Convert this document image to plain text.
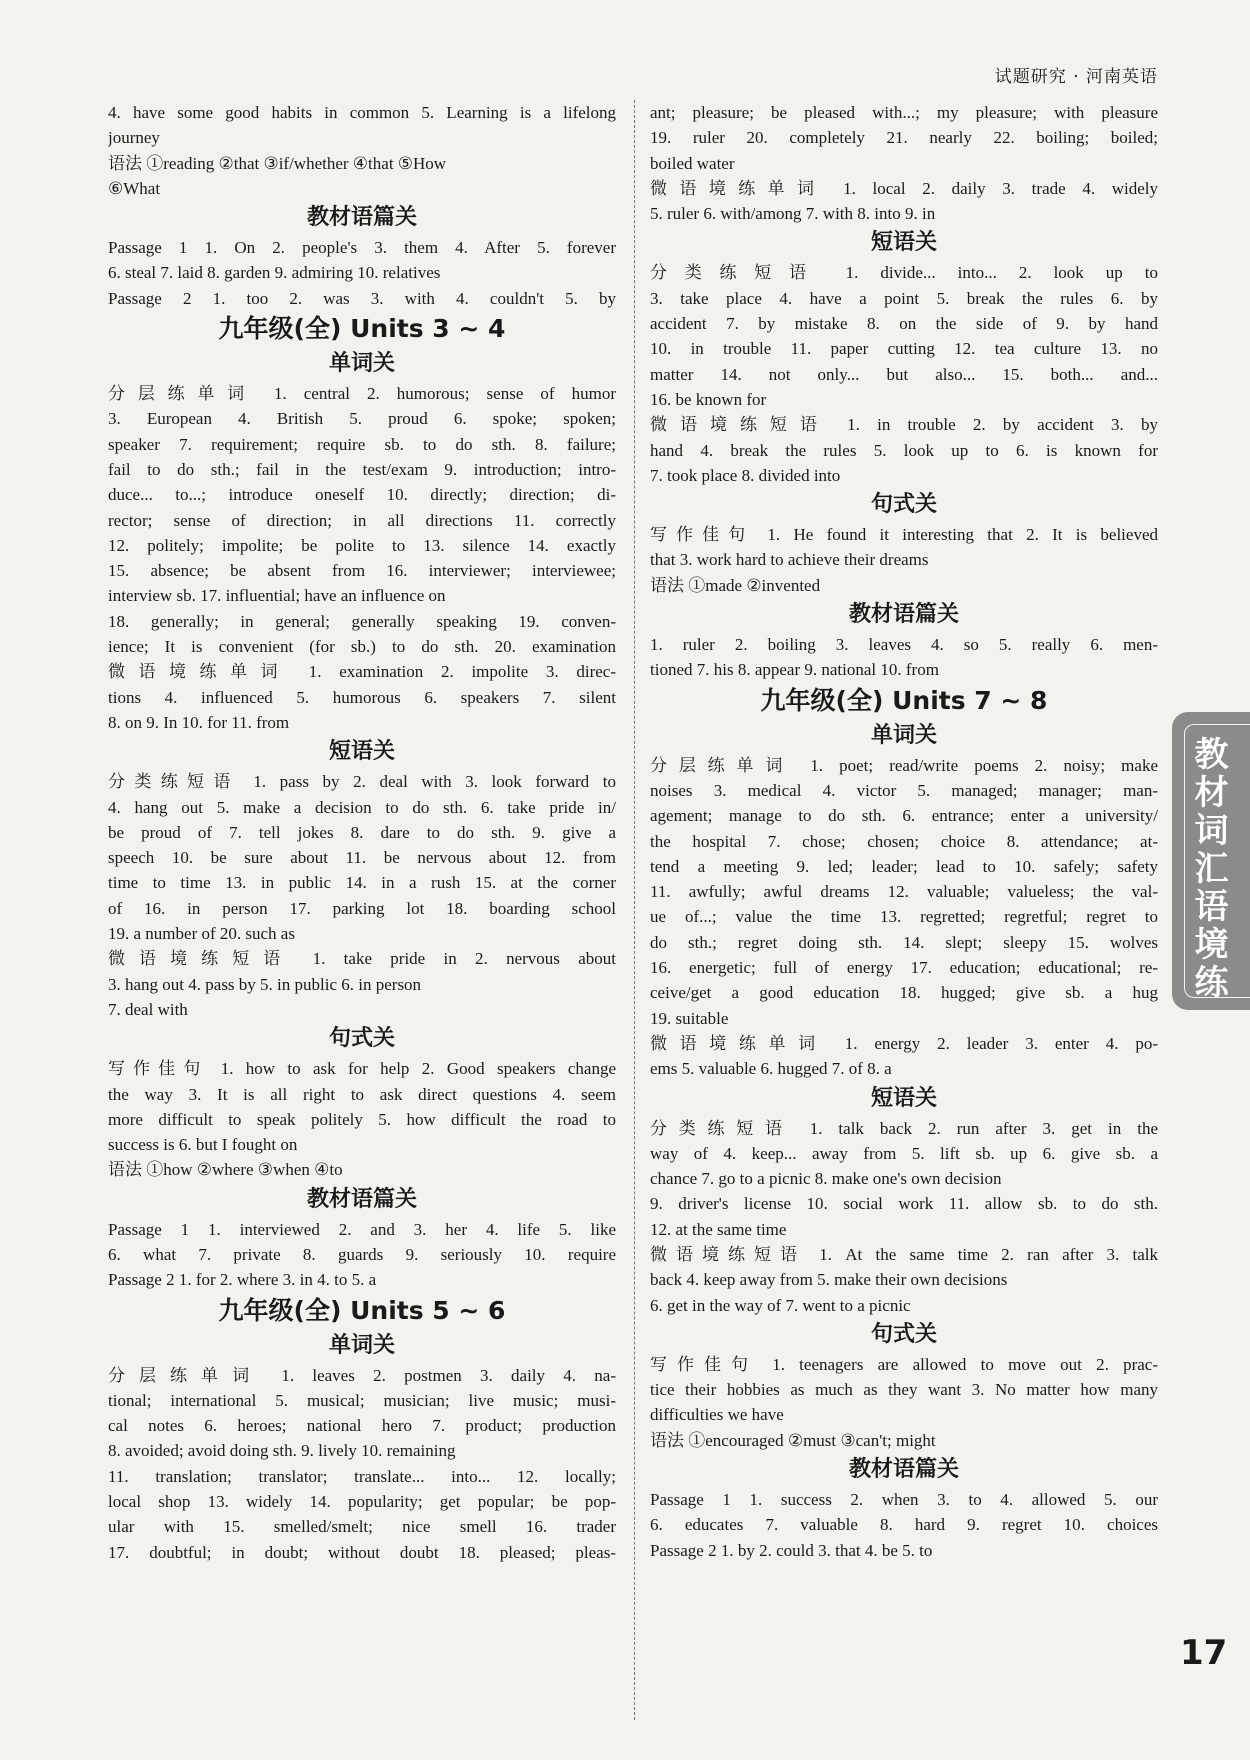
试题研究 · 河南英语
4. have some good habits in common 5. Learning is a lifelong
journey
语法 ①reading ②that ③if/whether ④that ⑤How
⑥What
教材语篇关
Passage 1 1. On 2. people's 3. them 4. After 5. forever
6. steal 7. laid 8. garden 9. admiring 10. relatives
Passage 2 1. too 2. was 3. with 4. couldn't 5. by
九年级(全) Units 3 ~ 4
单词关
分层练单词 1. central 2. humorous; sense of humor
3. European 4. British 5. proud 6. spoke; spoken;
speaker 7. requirement; require sb. to do sth. 8. failure;
fail to do sth.; fail in the test/exam 9. introduction; intro-
duce... to...; introduce oneself 10. directly; direction; di-
rector; sense of direction; in all directions 11. correctly
12. politely; impolite; be polite to 13. silence 14. exactly
15. absence; be absent from 16. interviewer; interviewee;
interview sb. 17. influential; have an influence on
18. generally; in general; generally speaking 19. conven-
ience; It is convenient (for sb.) to do sth. 20. examination
微语境练单词 1. examination 2. impolite 3. direc-
tions 4. influenced 5. humorous 6. speakers 7. silent
8. on 9. In 10. for 11. from
短语关
分类练短语 1. pass by 2. deal with 3. look forward to
4. hang out 5. make a decision to do sth. 6. take pride in/
be proud of 7. tell jokes 8. dare to do sth. 9. give a
speech 10. be sure about 11. be nervous about 12. from
time to time 13. in public 14. in a rush 15. at the corner
of 16. in person 17. parking lot 18. boarding school
19. a number of 20. such as
微语境练短语 1. take pride in 2. nervous about
3. hang out 4. pass by 5. in public 6. in person
7. deal with
句式关
写作佳句 1. how to ask for help 2. Good speakers change
the way 3. It is all right to ask direct questions 4. seem
more difficult to speak politely 5. how difficult the road to
success is 6. but I fought on
语法 ①how ②where ③when ④to
教材语篇关
Passage 1 1. interviewed 2. and 3. her 4. life 5. like
6. what 7. private 8. guards 9. seriously 10. require
Passage 2 1. for 2. where 3. in 4. to 5. a
九年级(全) Units 5 ~ 6
单词关
分层练单词 1. leaves 2. postmen 3. daily 4. na-
tional; international 5. musical; musician; live music; musi-
cal notes 6. heroes; national hero 7. product; production
8. avoided; avoid doing sth. 9. lively 10. remaining
11. translation; translator; translate... into... 12. locally;
local shop 13. widely 14. popularity; get popular; be pop-
ular with 15. smelled/smelt; nice smell 16. trader
17. doubtful; in doubt; without doubt 18. pleased; pleas-
ant; pleasure; be pleased with...; my pleasure; with pleasure
19. ruler 20. completely 21. nearly 22. boiling; boiled;
boiled water
微语境练单词 1. local 2. daily 3. trade 4. widely
5. ruler 6. with/among 7. with 8. into 9. in
短语关
分类练短语 1. divide... into... 2. look up to
3. take place 4. have a point 5. break the rules 6. by
accident 7. by mistake 8. on the side of 9. by hand
10. in trouble 11. paper cutting 12. tea culture 13. no
matter 14. not only... but also... 15. both... and...
16. be known for
微语境练短语 1. in trouble 2. by accident 3. by
hand 4. break the rules 5. look up to 6. is known for
7. took place 8. divided into
句式关
写作佳句 1. He found it interesting that 2. It is believed
that 3. work hard to achieve their dreams
语法 ①made ②invented
教材语篇关
1. ruler 2. boiling 3. leaves 4. so 5. really 6. men-
tioned 7. his 8. appear 9. national 10. from
九年级(全) Units 7 ~ 8
单词关
分层练单词 1. poet; read/write poems 2. noisy; make
noises 3. medical 4. victor 5. managed; manager; man-
agement; manage to do sth. 6. entrance; enter a university/
the hospital 7. chose; chosen; choice 8. attendance; at-
tend a meeting 9. led; leader; lead to 10. safely; safety
11. awfully; awful dreams 12. valuable; valueless; the val-
ue of...; value the time 13. regretted; regretful; regret to
do sth.; regret doing sth. 14. slept; sleepy 15. wolves
16. energetic; full of energy 17. education; educational; re-
ceive/get a good education 18. hugged; give sb. a hug
19. suitable
微语境练单词 1. energy 2. leader 3. enter 4. po-
ems 5. valuable 6. hugged 7. of 8. a
短语关
分类练短语 1. talk back 2. run after 3. get in the
way of 4. keep... away from 5. lift sb. up 6. give sb. a
chance 7. go to a picnic 8. make one's own decision
9. driver's license 10. social work 11. allow sb. to do sth.
12. at the same time
微语境练短语 1. At the same time 2. ran after 3. talk
back 4. keep away from 5. make their own decisions
6. get in the way of 7. went to a picnic
句式关
写作佳句 1. teenagers are allowed to move out 2. prac-
tice their hobbies as much as they want 3. No matter how many
difficulties we have
语法 ①encouraged ②must ③can't; might
教材语篇关
Passage 1 1. success 2. when 3. to 4. allowed 5. our
6. educates 7. valuable 8. hard 9. regret 10. choices
Passage 2 1. by 2. could 3. that 4. be 5. to
教材词汇语境练
17
